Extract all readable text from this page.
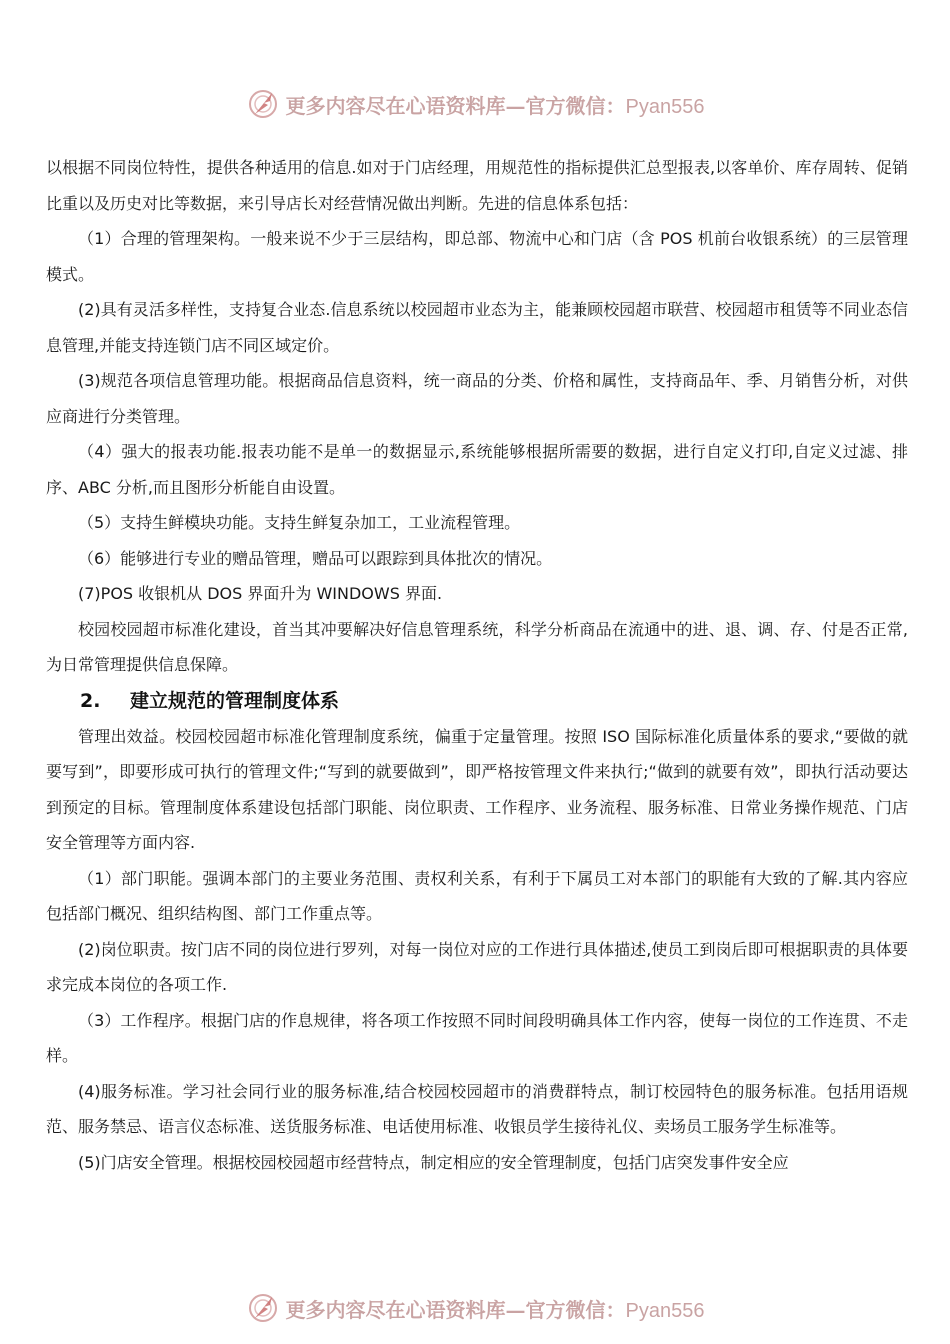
更多内容尽在心语资料库—官方微信：Pyan556

以根据不同岗位特性，提供各种适用的信息.如对于门店经理，用规范性的指标提供汇总型报表,以客单价、库存周转、促销比重以及历史对比等数据，来引导店长对经营情况做出判断。先进的信息体系包括：

（1）合理的管理架构。一般来说不少于三层结构，即总部、物流中心和门店（含 POS 机前台收银系统）的三层管理模式。

(2)具有灵活多样性，支持复合业态.信息系统以校园超市业态为主，能兼顾校园超市联营、校园超市租赁等不同业态信息管理,并能支持连锁门店不同区域定价。

(3)规范各项信息管理功能。根据商品信息资料，统一商品的分类、价格和属性，支持商品年、季、月销售分析，对供应商进行分类管理。

（4）强大的报表功能.报表功能不是单一的数据显示,系统能够根据所需要的数据，进行自定义打印,自定义过滤、排序、ABC 分析,而且图形分析能自由设置。

（5）支持生鲜模块功能。支持生鲜复杂加工，工业流程管理。

（6）能够进行专业的赠品管理，赠品可以跟踪到具体批次的情况。

(7)POS 收银机从 DOS 界面升为 WINDOWS 界面.

校园校园超市标准化建设，首当其冲要解决好信息管理系统，科学分析商品在流通中的进、退、调、存、付是否正常,为日常管理提供信息保障。

2. 建立规范的管理制度体系

管理出效益。校园校园超市标准化管理制度系统，偏重于定量管理。按照 ISO 国际标准化质量体系的要求,“要做的就要写到”，即要形成可执行的管理文件;“写到的就要做到”，即严格按管理文件来执行;“做到的就要有效”，即执行活动要达到预定的目标。管理制度体系建设包括部门职能、岗位职责、工作程序、业务流程、服务标准、日常业务操作规范、门店安全管理等方面内容.

（1）部门职能。强调本部门的主要业务范围、责权利关系，有利于下属员工对本部门的职能有大致的了解.其内容应包括部门概况、组织结构图、部门工作重点等。

(2)岗位职责。按门店不同的岗位进行罗列，对每一岗位对应的工作进行具体描述,使员工到岗后即可根据职责的具体要求完成本岗位的各项工作.

（3）工作程序。根据门店的作息规律，将各项工作按照不同时间段明确具体工作内容，使每一岗位的工作连贯、不走样。

(4)服务标准。学习社会同行业的服务标准,结合校园校园超市的消费群特点，制订校园特色的服务标准。包括用语规范、服务禁忌、语言仪态标准、送货服务标准、电话使用标准、收银员学生接待礼仪、卖场员工服务学生标准等。

(5)门店安全管理。根据校园校园超市经营特点，制定相应的安全管理制度，包括门店突发事件安全应

更多内容尽在心语资料库—官方微信：Pyan556
